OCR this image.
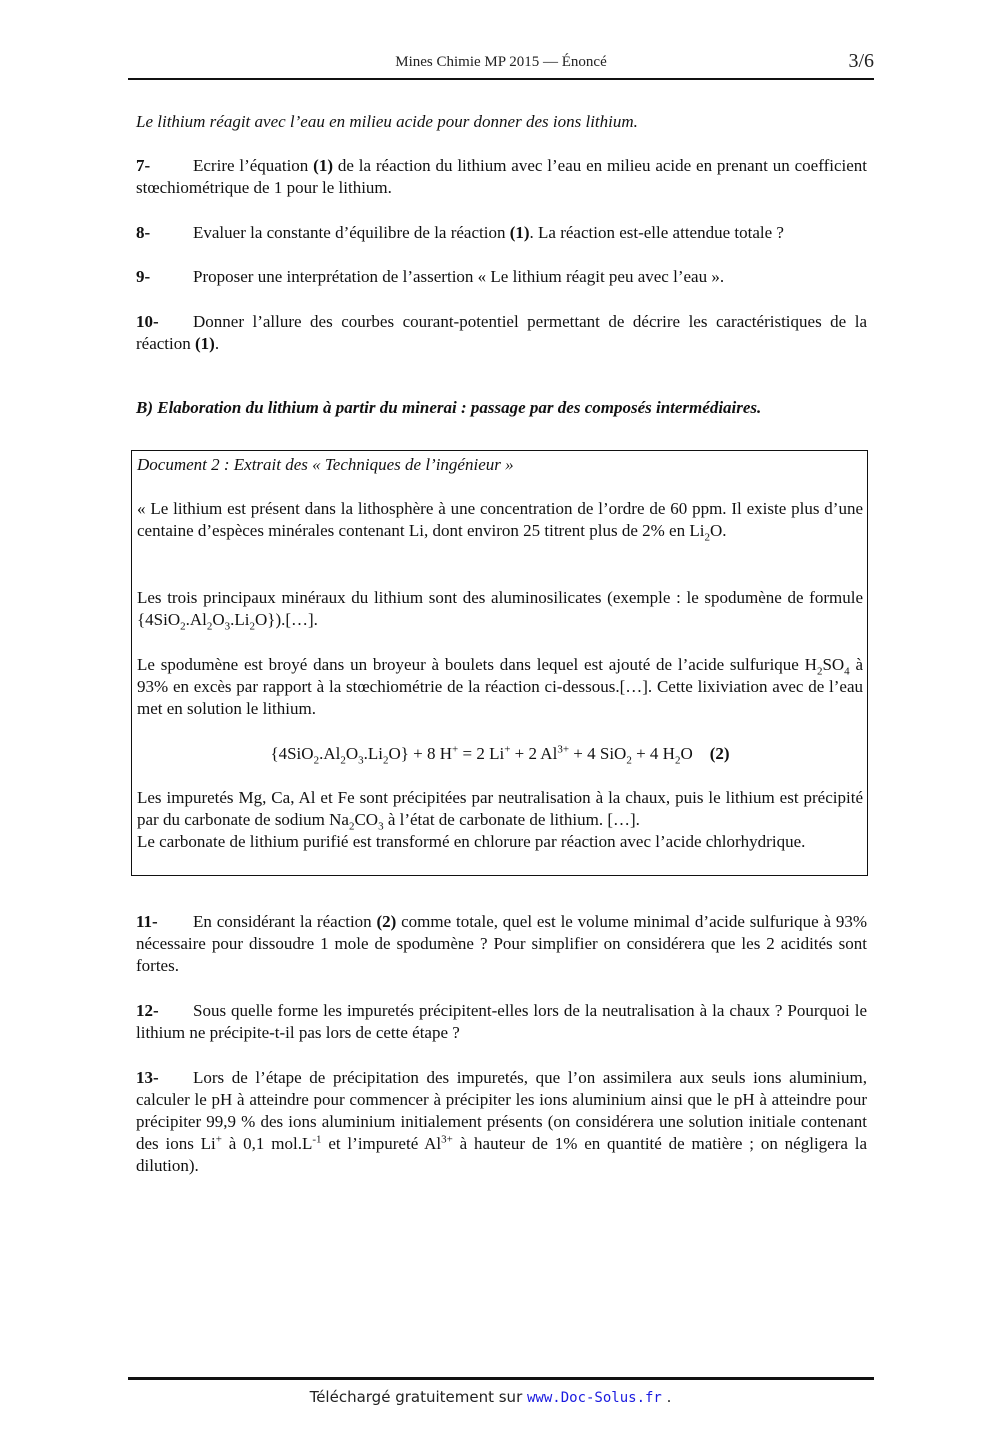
Mines Chimie MP 2015 — Énoncé	3/6

Le lithium réagit avec l’eau en milieu acide pour donner des ions lithium.

7-	Ecrire l’équation (1) de la réaction du lithium avec l’eau en milieu acide en prenant un coefficient stœchiométrique de 1 pour le lithium.

8-	Evaluer la constante d’équilibre de la réaction (1). La réaction est-elle attendue totale ?

9-	Proposer une interprétation de l’assertion « Le lithium réagit peu avec l’eau ».

10- Donner l’allure des courbes courant-potentiel permettant de décrire les caractéristiques de la réaction (1).

B) Elaboration du lithium à partir du minerai : passage par des composés intermédiaires.

Document 2 : Extrait des « Techniques de l’ingénieur »

« Le lithium est présent dans la lithosphère à une concentration de l’ordre de 60 ppm. Il existe plus d’une centaine d’espèces minérales contenant Li, dont environ 25 titrent plus de 2% en $Li_2O$.

Les trois principaux minéraux du lithium sont des aluminosilicates (exemple : le spodumène de formule $\{4SiO_2.Al_2O_3.Li_2O\}).[\dots]$.

Le spodumène est broyé dans un broyeur à boulets dans lequel est ajouté de l’acide sulfurique $H_2SO_4$ à 93% en excès par rapport à la stœchiométrie de la réaction ci-dessous.[…]. Cette lixiviation avec de l’eau met en solution le lithium.

$\{4SiO_2.Al_2O_3.Li_2O\} + 8$ H+ = 2 Li+ + 2 $Al^{3+} + 4$ SiO$_2$ + 4 $H_2O$    (2)

Les impuretés Mg, Ca, Al et Fe sont précipitées par neutralisation à la chaux, puis le lithium est précipité par du carbonate de sodium $Na_2CO_3$ à l’état de carbonate de lithium. […].

Le carbonate de lithium purifié est transformé en chlorure par réaction avec l’acide chlorhydrique.

11- En considérant la réaction (2) comme totale, quel est le volume minimal d’acide sulfurique à 93% nécessaire pour dissoudre 1 mole de spodumène ? Pour simplifier on considérera que les 2 acidités sont fortes.

12- Sous quelle forme les impuretés précipitent-elles lors de la neutralisation à la chaux ? Pourquoi le lithium ne précipite-t-il pas lors de cette étape ?

13- Lors de l’étape de précipitation des impuretés, que l’on assimilera aux seuls ions aluminium, calculer le pH à atteindre pour commencer à précipiter les ions aluminium ainsi que le pH à atteindre pour précipiter 99,9 % des ions aluminium initialement présents (on considérera une solution initiale contenant des ions Li+ à 0,1 $mol.L^{-1}$ et l’impureté $Al^{3+}$ à hauteur de 1% en quantité de matière ; on négligera la dilution).

Téléchargé gratuitement sur www.Doc-Solus.fr .
